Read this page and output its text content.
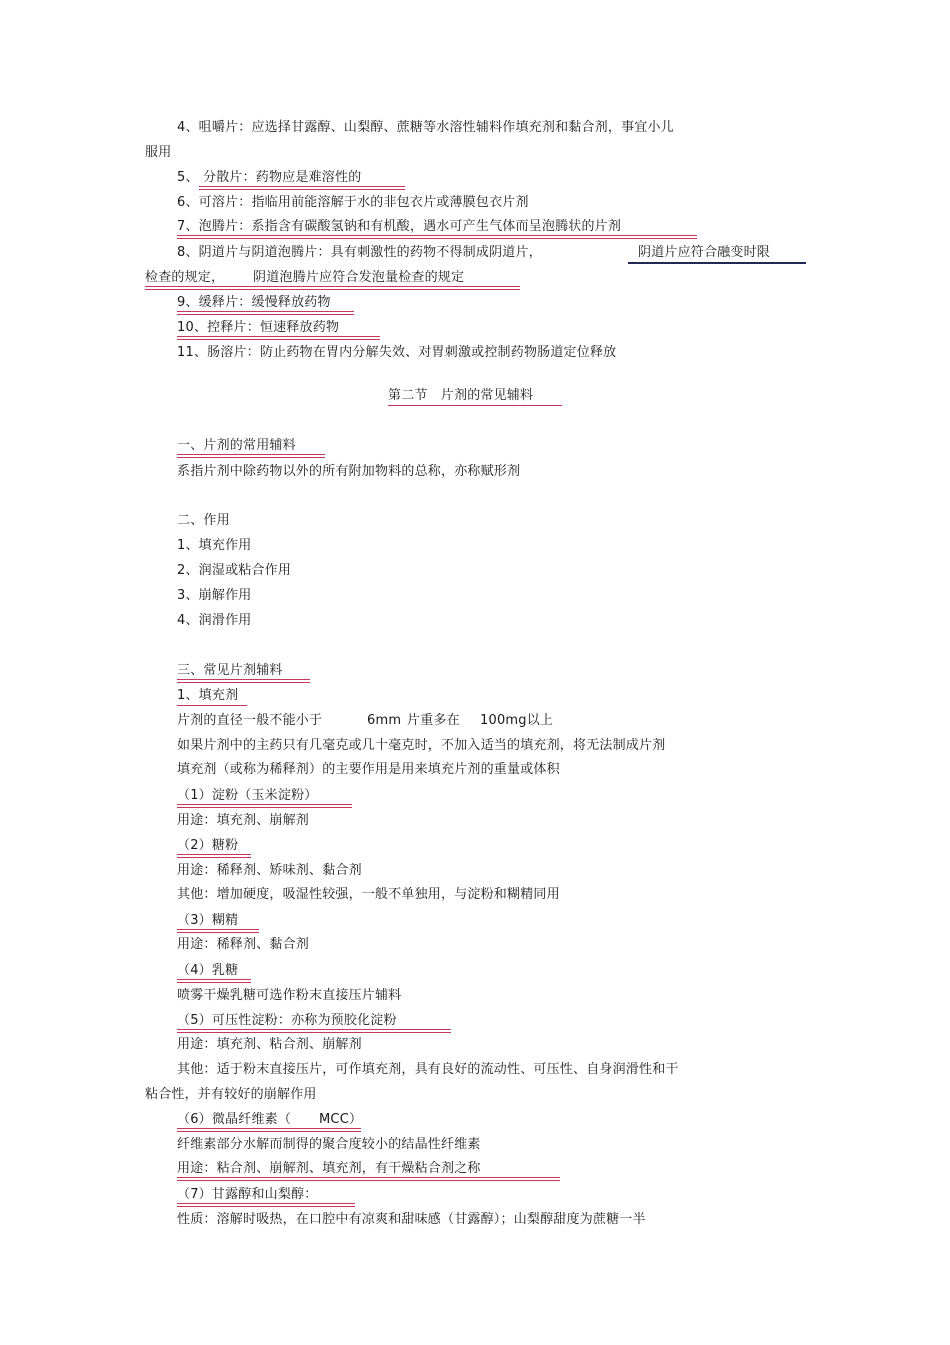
4、咀嚼片：应选择甘露醇、山梨醇、蔗糖等水溶性辅料作填充剂和黏合剂，事宜小儿
服用
5、 分散片：药物应是难溶性的
6、可溶片：指临用前能溶解于水的非包衣片或薄膜包衣片剂
7、泡腾片：系指含有碳酸氢钠和有机酸，遇水可产生气体而呈泡腾状的片剂
8、阴道片与阴道泡腾片：具有刺激性的药物不得制成阴道片，	阴道片应符合融变时限
检查的规定， 阴道泡腾片应符合发泡量检查的规定
9、缓释片：缓慢释放药物
10、控释片：恒速释放药物
11、肠溶片：防止药物在胃内分解失效、对胃刺激或控制药物肠道定位释放
第二节　片剂的常见辅料
一、片剂的常用辅料
系指片剂中除药物以外的所有附加物料的总称，亦称赋形剂
二、作用
1、填充作用
2、润湿或粘合作用
3、崩解作用
4、润滑作用
三、常见片剂辅料
1、填充剂
片剂的直径一般不能小于	6mm 片重多在 100mg以上
如果片剂中的主药只有几毫克或几十毫克时，不加入适当的填充剂，将无法制成片剂
填充剂（或称为稀释剂）的主要作用是用来填充片剂的重量或体积
（1）淀粉（玉米淀粉）
用途：填充剂、崩解剂
（2）糖粉
用途：稀释剂、矫味剂、黏合剂
其他：增加硬度，吸湿性较强，一般不单独用，与淀粉和糊精同用
（3）糊精
用途：稀释剂、黏合剂
（4）乳糖
喷雾干燥乳糖可选作粉末直接压片辅料
（5）可压性淀粉：亦称为预胶化淀粉
用途：填充剂、粘合剂、崩解剂
其他：适于粉末直接压片，可作填充剂，具有良好的流动性、可压性、自身润滑性和干
粘合性，并有较好的崩解作用
（6）微晶纤维素（ MCC）
纤维素部分水解而制得的聚合度较小的结晶性纤维素
用途：粘合剂、崩解剂、填充剂，有干燥粘合剂之称
（7）甘露醇和山梨醇：
性质：溶解时吸热，在口腔中有凉爽和甜味感（甘露醇）；山梨醇甜度为蔗糖一半
